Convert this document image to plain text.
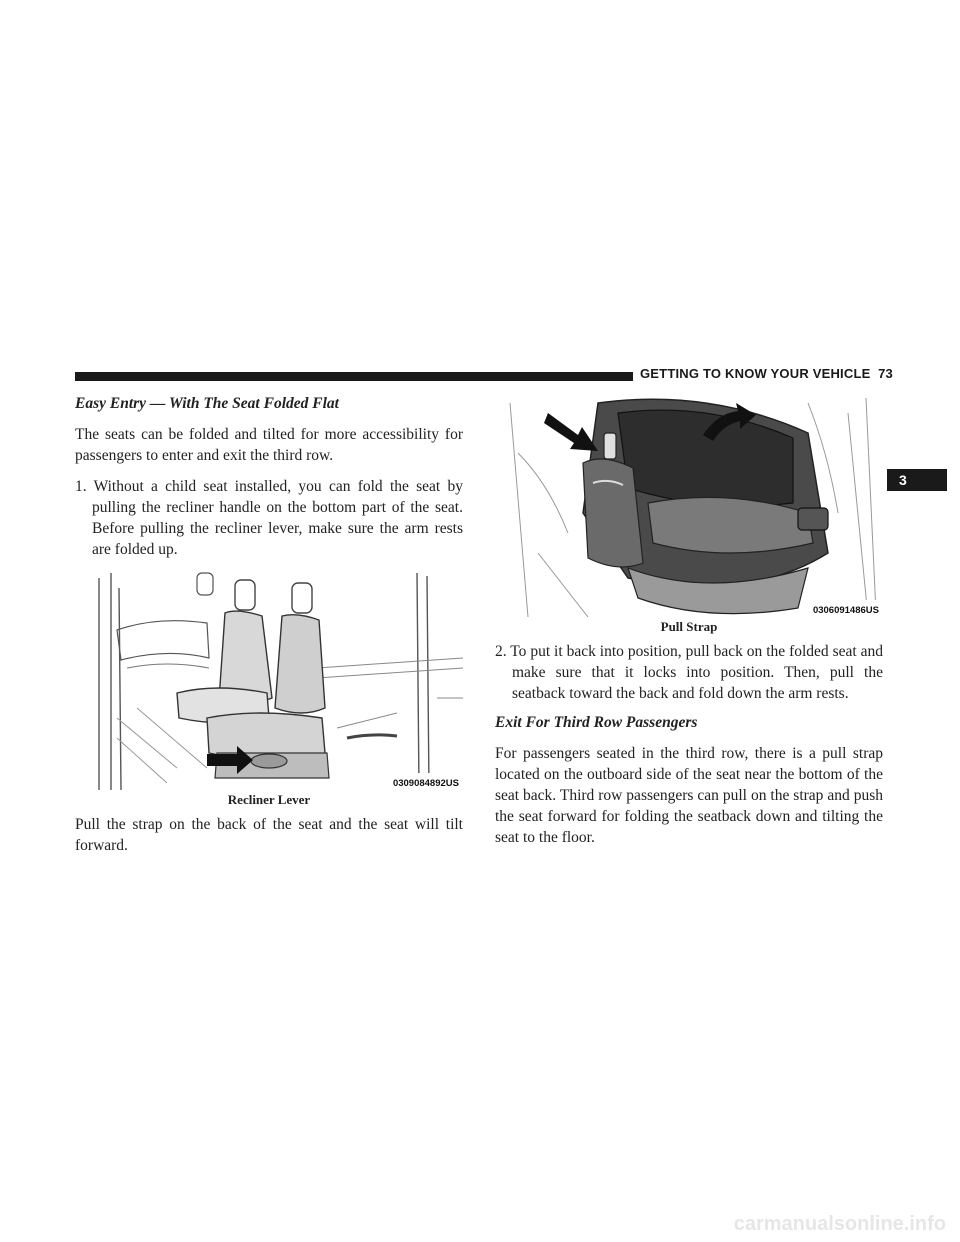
GETTING TO KNOW YOUR VEHICLE 73
3
Easy Entry — With The Seat Folded Flat

The seats can be folded and tilted for more accessibility for passengers to enter and exit the third row.

1. Without a child seat installed, you can fold the seat by pulling the recliner handle on the bottom part of the seat. Before pulling the recliner lever, make sure the arm rests are folded up.

0309084892US
Recliner Lever

Pull the strap on the back of the seat and the seat will tilt forward.

0306091486US
Pull Strap

2. To put it back into position, pull back on the folded seat and make sure that it locks into position. Then, pull the seatback toward the back and fold down the arm rests.

Exit For Third Row Passengers

For passengers seated in the third row, there is a pull strap located on the outboard side of the seat near the bottom of the seat back. Third row passengers can pull on the strap and push the seat forward for folding the seatback down and tilting the seat to the floor.

carmanualsonline.info
